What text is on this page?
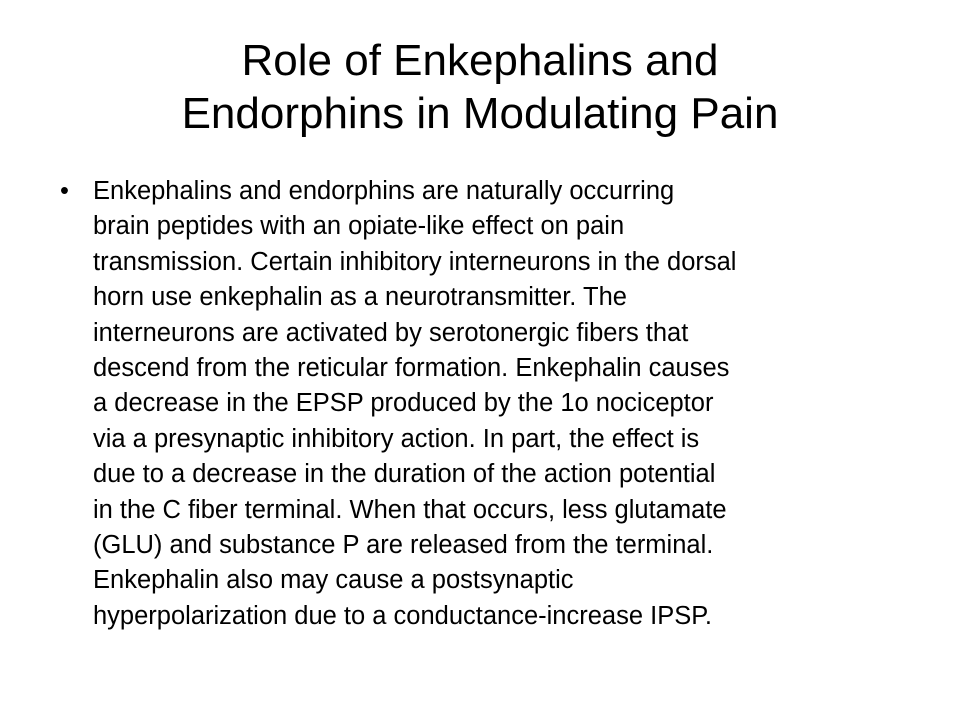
Role of Enkephalins and
Endorphins in Modulating Pain
• Enkephalins and endorphins are naturally occurring
brain peptides with an opiate-like effect on pain
transmission. Certain inhibitory interneurons in the dorsal
horn use enkephalin as a neurotransmitter. The
interneurons are activated by serotonergic fibers that
descend from the reticular formation. Enkephalin causes
a decrease in the EPSP produced by the 1o nociceptor
via a presynaptic inhibitory action. In part, the effect is
due to a decrease in the duration of the action potential
in the C fiber terminal. When that occurs, less glutamate
(GLU) and substance P are released from the terminal.
Enkephalin also may cause a postsynaptic
hyperpolarization due to a conductance-increase IPSP.
